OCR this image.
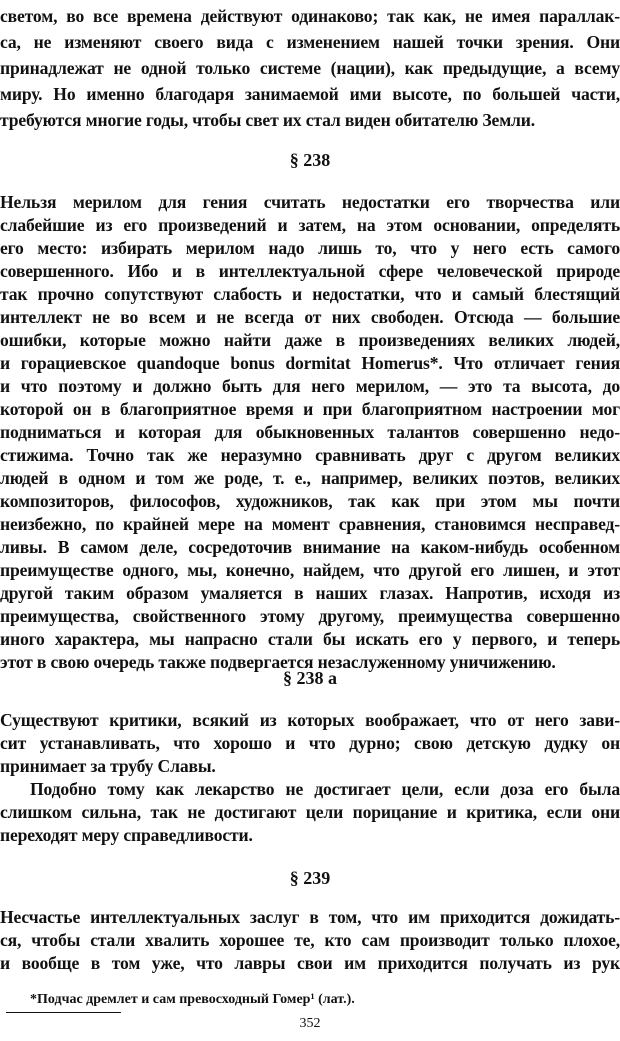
светом, во все времена действуют одинаково; так как, не имея параллак-
са, не изменяют своего вида с изменением нашей точки зрения. Они
принадлежат не одной только системе (нации), как предыдущие, а всему
миру. Но именно благодаря занимаемой ими высоте, по большей части,
требуются многие годы, чтобы свет их стал виден обитателю Земли.
§ 238
Нельзя мерилом для гения считать недостатки его творчества или
слабейшие из его произведений и затем, на этом основании, определять
его место: избирать мерилом надо лишь то, что у него есть самого
совершенного. Ибо и в интеллектуальной сфере человеческой природе
так прочно сопутствуют слабость и недостатки, что и самый блестящий
интеллект не во всем и не всегда от них свободен. Отсюда — большие
ошибки, которые можно найти даже в произведениях великих людей,
и горациевское quandoque bonus dormitat Homerus*. Что отличает гения
и что поэтому и должно быть для него мерилом, — это та высота, до
которой он в благоприятное время и при благоприятном настроении мог
подниматься и которая для обыкновенных талантов совершенно недо-
стижима. Точно так же неразумно сравнивать друг с другом великих
людей в одном и том же роде, т. е., например, великих поэтов, великих
композиторов, философов, художников, так как при этом мы почти
неизбежно, по крайней мере на момент сравнения, становимся несправед-
ливы. В самом деле, сосредоточив внимание на каком-нибудь особенном
преимуществе одного, мы, конечно, найдем, что другой его лишен, и этот
другой таким образом умаляется в наших глазах. Напротив, исходя из
преимущества, свойственного этому другому, преимущества совершенно
иного характера, мы напрасно стали бы искать его у первого, и теперь
этот в свою очередь также подвергается незаслуженному уничижению.
§ 238 а
Существуют критики, всякий из которых воображает, что от него зави-
сит устанавливать, что хорошо и что дурно; свою детскую дудку он
принимает за трубу Славы.
Подобно тому как лекарство не достигает цели, если доза его была
слишком сильна, так не достигают цели порицание и критика, если они
переходят меру справедливости.
§ 239
Несчастье интеллектуальных заслуг в том, что им приходится дожидать-
ся, чтобы стали хвалить хорошее те, кто сам производит только плохое,
и вообще в том уже, что лавры свои им приходится получать из рук
*Подчас дремлет и сам превосходный Гомер¹ (лат.).
352
